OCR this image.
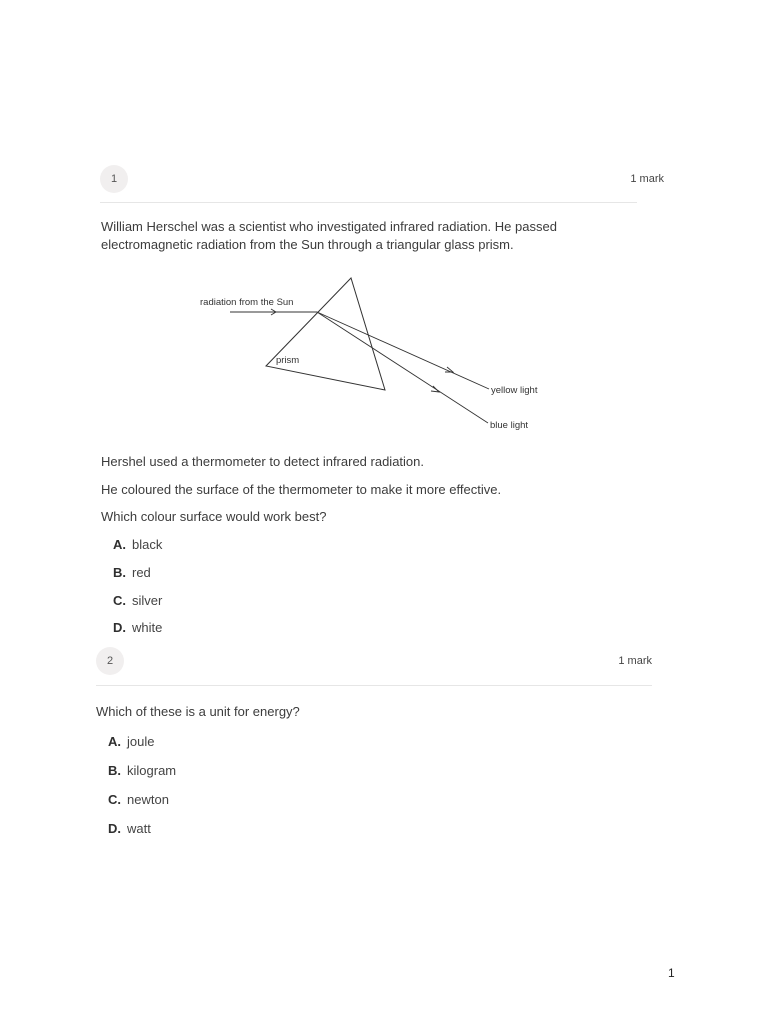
1	1 mark

William Herschel was a scientist who investigated infrared radiation. He passed

electromagnetic radiation from the Sun through a triangular glass prism.

radiation from the Sun
prism
yellow light
blue light

Hershel used a thermometer to detect infrared radiation.

He coloured the surface of the thermometer to make it more effective.

Which colour surface would work best?

A. black
B. red
C. silver
D. white
2	1 mark

Which of these is a unit for energy?

A. joule
B. kilogram
C. newton
D. watt
1
